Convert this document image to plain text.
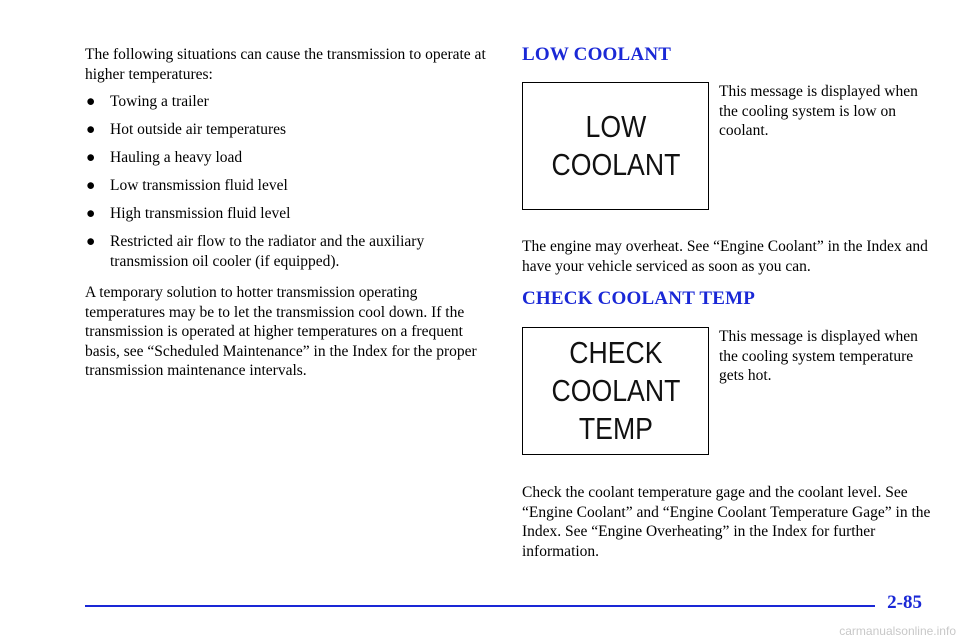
The following situations can cause the transmission to operate at higher temperatures:

● Towing a trailer
● Hot outside air temperatures
● Hauling a heavy load
● Low transmission fluid level
● High transmission fluid level
● Restricted air flow to the radiator and the auxiliary transmission oil cooler (if equipped).

A temporary solution to hotter transmission operating temperatures may be to let the transmission cool down. If the transmission is operated at higher temperatures on a frequent basis, see “Scheduled Maintenance” in the Index for the proper transmission maintenance intervals.

LOW COOLANT
LOW
COOLANT

This message is displayed when the cooling system is low on coolant.

The engine may overheat. See “Engine Coolant” in the Index and have your vehicle serviced as soon as you can.

CHECK COOLANT TEMP
CHECK
COOLANT
TEMP

This message is displayed when the cooling system temperature gets hot.

Check the coolant temperature gage and the coolant level. See “Engine Coolant” and “Engine Coolant Temperature Gage” in the Index. See “Engine Overheating” in the Index for further information.

2-85

carmanualsonline.info
